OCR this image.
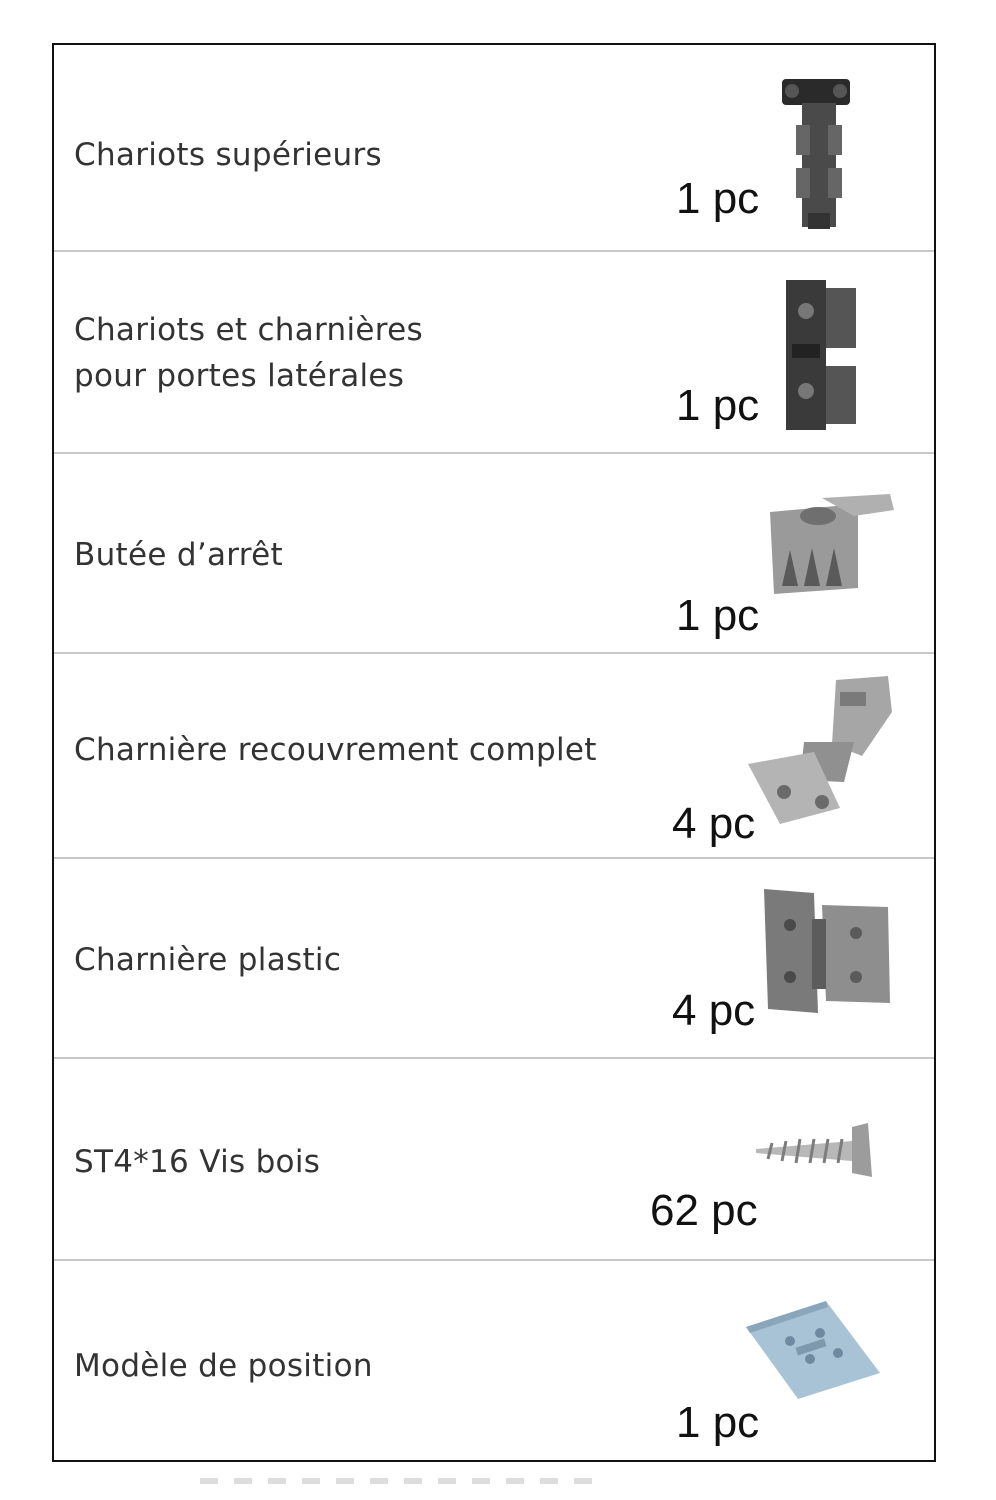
Chariots supérieurs
1 pc
Chariots et charnières
pour portes latérales
1 pc
Butée d’arrêt
1 pc
Charnière recouvrement complet
4 pc
Charnière plastic
4 pc
ST4*16 Vis bois
62 pc
Modèle de position
1 pc
